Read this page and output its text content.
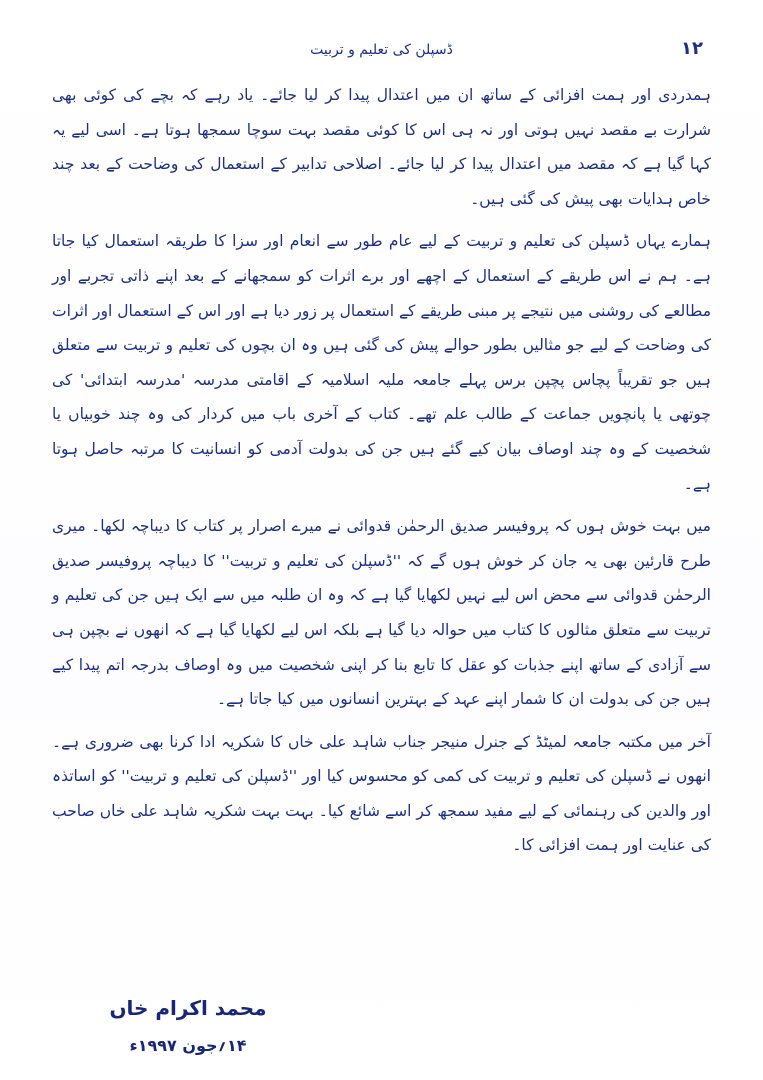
۱۲
ڈسپلن کی تعلیم و تربیت

ہمدردی اور ہمت افزائی کے ساتھ ان میں اعتدال پیدا کر لیا جائے۔ یاد رہے کہ بچے کی کوئی بھی شرارت بے مقصد نہیں ہوتی اور نہ ہی اس کا کوئی مقصد بہت سوچا سمجھا ہوتا ہے۔ اسی لیے یہ کہا گیا ہے کہ مقصد میں اعتدال پیدا کر لیا جائے۔ اصلاحی تدابیر کے استعمال کی وضاحت کے بعد چند خاص ہدایات بھی پیش کی گئی ہیں۔

ہمارے یہاں ڈسپلن کی تعلیم و تربیت کے لیے عام طور سے انعام اور سزا کا طریقہ استعمال کیا جاتا ہے۔ ہم نے اس طریقے کے استعمال کے اچھے اور برے اثرات کو سمجھانے کے بعد اپنے ذاتی تجربے اور مطالعے کی روشنی میں نتیجے پر مبنی طریقے کے استعمال پر زور دیا ہے اور اس کے استعمال اور اثرات کی وضاحت کے لیے جو مثالیں بطور حوالے پیش کی گئی ہیں وہ ان بچوں کی تعلیم و تربیت سے متعلق ہیں جو تقریباً پچاس پچپن برس پہلے جامعہ ملیہ اسلامیہ کے اقامتی مدرسہ 'مدرسہ ابتدائی' کی چوتھی یا پانچویں جماعت کے طالب علم تھے۔ کتاب کے آخری باب میں کردار کی وہ چند خوبیاں یا شخصیت کے وہ چند اوصاف بیان کیے گئے ہیں جن کی بدولت آدمی کو انسانیت کا مرتبہ حاصل ہوتا ہے۔

میں بہت خوش ہوں کہ پروفیسر صدیق الرحمٰن قدوائی نے میرے اصرار پر کتاب کا دیباچہ لکھا۔ میری طرح قارئین بھی یہ جان کر خوش ہوں گے کہ ''ڈسپلن کی تعلیم و تربیت'' کا دیباچہ پروفیسر صدیق الرحمٰن قدوائی سے محض اس لیے نہیں لکھایا گیا ہے کہ وہ ان طلبہ میں سے ایک ہیں جن کی تعلیم و تربیت سے متعلق مثالوں کا کتاب میں حوالہ دیا گیا ہے بلکہ اس لیے لکھایا گیا ہے کہ انھوں نے بچپن ہی سے آزادی کے ساتھ اپنے جذبات کو عقل کا تابع بنا کر اپنی شخصیت میں وہ اوصاف بدرجہ اتم پیدا کیے ہیں جن کی بدولت ان کا شمار اپنے عہد کے بہترین انسانوں میں کیا جاتا ہے۔

آخر میں مکتبہ جامعہ لمیٹڈ کے جنرل منیجر جناب شاہد علی خاں کا شکریہ ادا کرنا بھی ضروری ہے۔ انھوں نے ڈسپلن کی تعلیم و تربیت کی کمی کو محسوس کیا اور ''ڈسپلن کی تعلیم و تربیت'' کو اساتذہ اور والدین کی رہنمائی کے لیے مفید سمجھ کر اسے شائع کیا۔ بہت بہت شکریہ شاہد علی خاں صاحب کی عنایت اور ہمت افزائی کا۔

محمد اکرام خاں
۱۴؍جون ۱۹۹۷ء
